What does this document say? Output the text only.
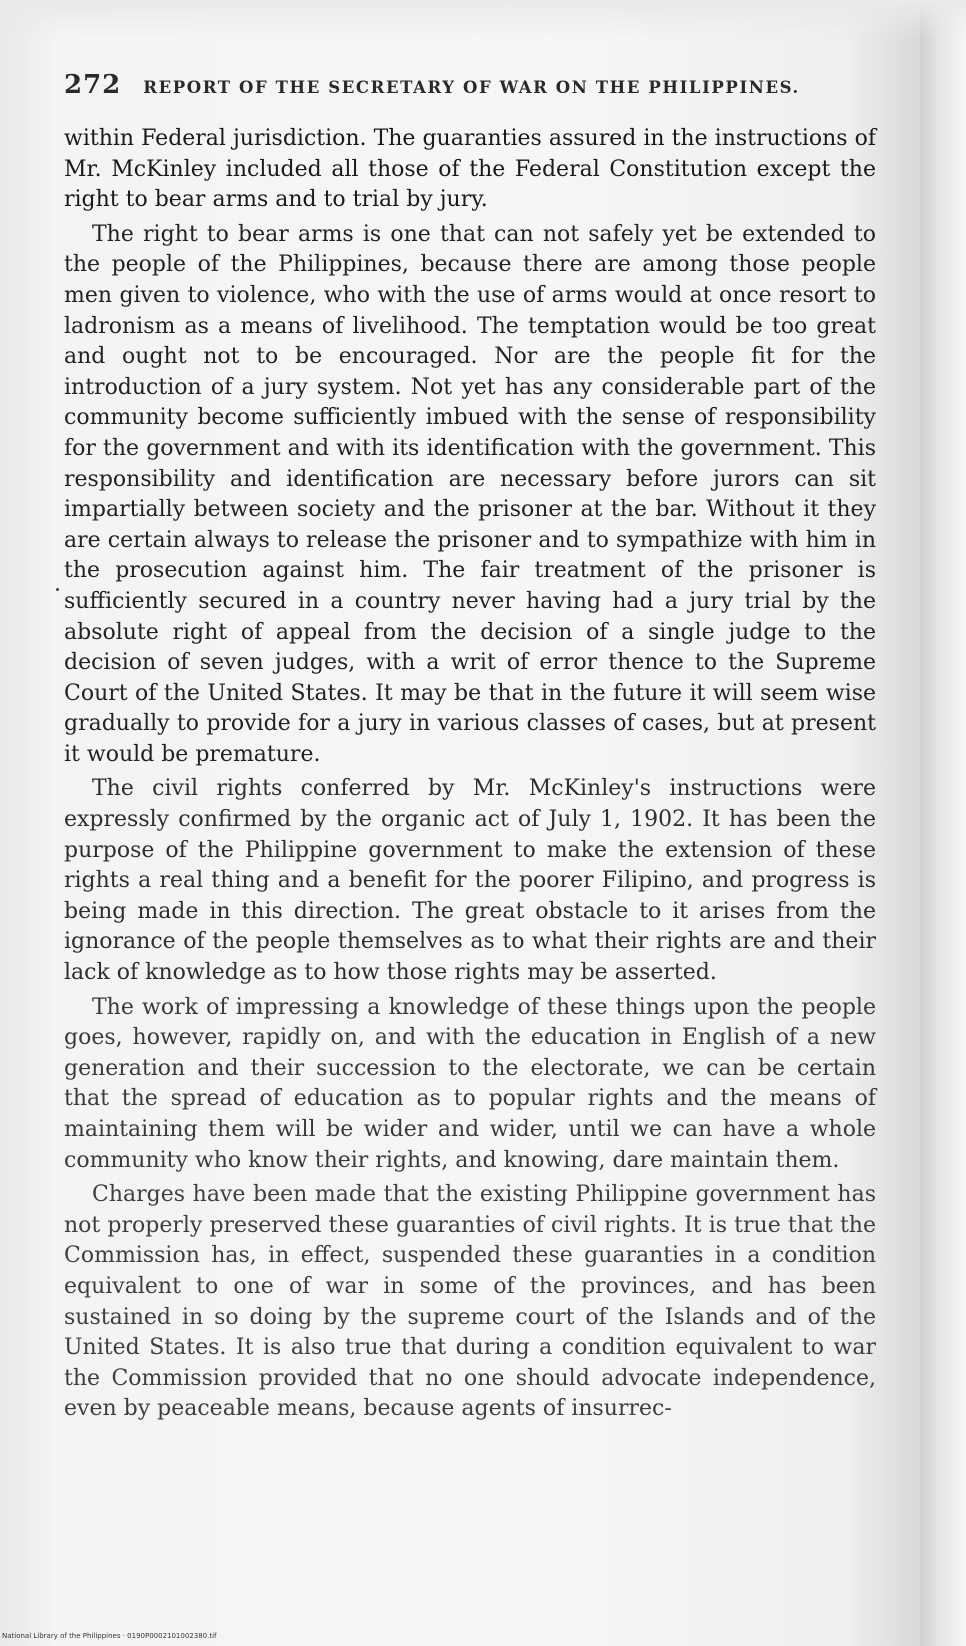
272 REPORT OF THE SECRETARY OF WAR ON THE PHILIPPINES.

within Federal jurisdiction. The guaranties assured in the instructions of Mr. McKinley included all those of the Federal Constitution except the right to bear arms and to trial by jury.

The right to bear arms is one that can not safely yet be extended to the people of the Philippines, because there are among those people men given to violence, who with the use of arms would at once resort to ladronism as a means of livelihood. The temptation would be too great and ought not to be encouraged. Nor are the people fit for the introduction of a jury system. Not yet has any considerable part of the community become sufficiently imbued with the sense of responsibility for the government and with its identification with the government. This responsibility and identification are necessary before jurors can sit impartially between society and the prisoner at the bar. Without it they are certain always to release the prisoner and to sympathize with him in the prosecution against him. The fair treatment of the prisoner is sufficiently secured in a country never having had a jury trial by the absolute right of appeal from the decision of a single judge to the decision of seven judges, with a writ of error thence to the Supreme Court of the United States. It may be that in the future it will seem wise gradually to provide for a jury in various classes of cases, but at present it would be premature.

The civil rights conferred by Mr. McKinley's instructions were expressly confirmed by the organic act of July 1, 1902. It has been the purpose of the Philippine government to make the extension of these rights a real thing and a benefit for the poorer Filipino, and progress is being made in this direction. The great obstacle to it arises from the ignorance of the people themselves as to what their rights are and their lack of knowledge as to how those rights may be asserted.

The work of impressing a knowledge of these things upon the people goes, however, rapidly on, and with the education in English of a new generation and their succession to the electorate, we can be certain that the spread of education as to popular rights and the means of maintaining them will be wider and wider, until we can have a whole community who know their rights, and knowing, dare maintain them.

Charges have been made that the existing Philippine government has not properly preserved these guaranties of civil rights. It is true that the Commission has, in effect, suspended these guaranties in a condition equivalent to one of war in some of the provinces, and has been sustained in so doing by the supreme court of the Islands and of the United States. It is also true that during a condition equivalent to war the Commission provided that no one should advocate independence, even by peaceable means, because agents of insurrec-

National Library of the Philippines · 0190P0002101002380.tif
